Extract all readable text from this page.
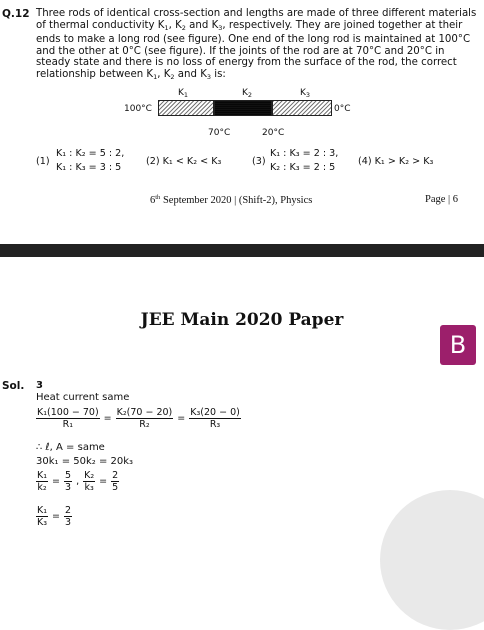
Q.12 Three rods of identical cross-section and lengths are made of three different materials of thermal conductivity $K_1$, $K_2$ and $K_3$, respectively. They are joined together at their ends to make a long rod (see figure). One end of the long rod is maintained at 100°C and the other at 0°C (see figure). If the joints of the rod are at 70°C and 20°C in steady state and there is no loss of energy from the surface of the rod, the correct relationship between $K_1$, $K_2$ and $K_3$ is:
$K_1$	$K_2$	$K_3$
100°C	0°C
70°C	20°C
(1)
K₁ : K₂ = 5 : 2,
K₁ : K₃ = 3 : 5
(2) K₁ < K₂ < K₃	(3)
K₁ : K₃ = 2 : 3,
K₂ : K₃ = 2 : 5
(4) K₁ > K₂ > K₃
6th September 2020 | (Shift-2), Physics	Page | 6
JEE Main 2020 Paper
B
Sol. 3
Heat current same
$\frac{\text{K₁(100 − 70)}}{\text{R₁}} = \frac{\text{K₂(70 − 20)}}{\text{R₂}} = \frac{\text{K₃(20 − 0)}}{\text{R₃}}$
∴ ℓ, A = same
30k₁ = 50k₂ = 20k₃
$\frac{\text{K₁}}{\text{k₂}} = \frac{5}{3}$ , $\frac{\text{K₂}}{\text{k₃}} = \frac{2}{5}$
$\frac{\text{K₁}}{\text{K₃}} = \frac{2}{3}$
